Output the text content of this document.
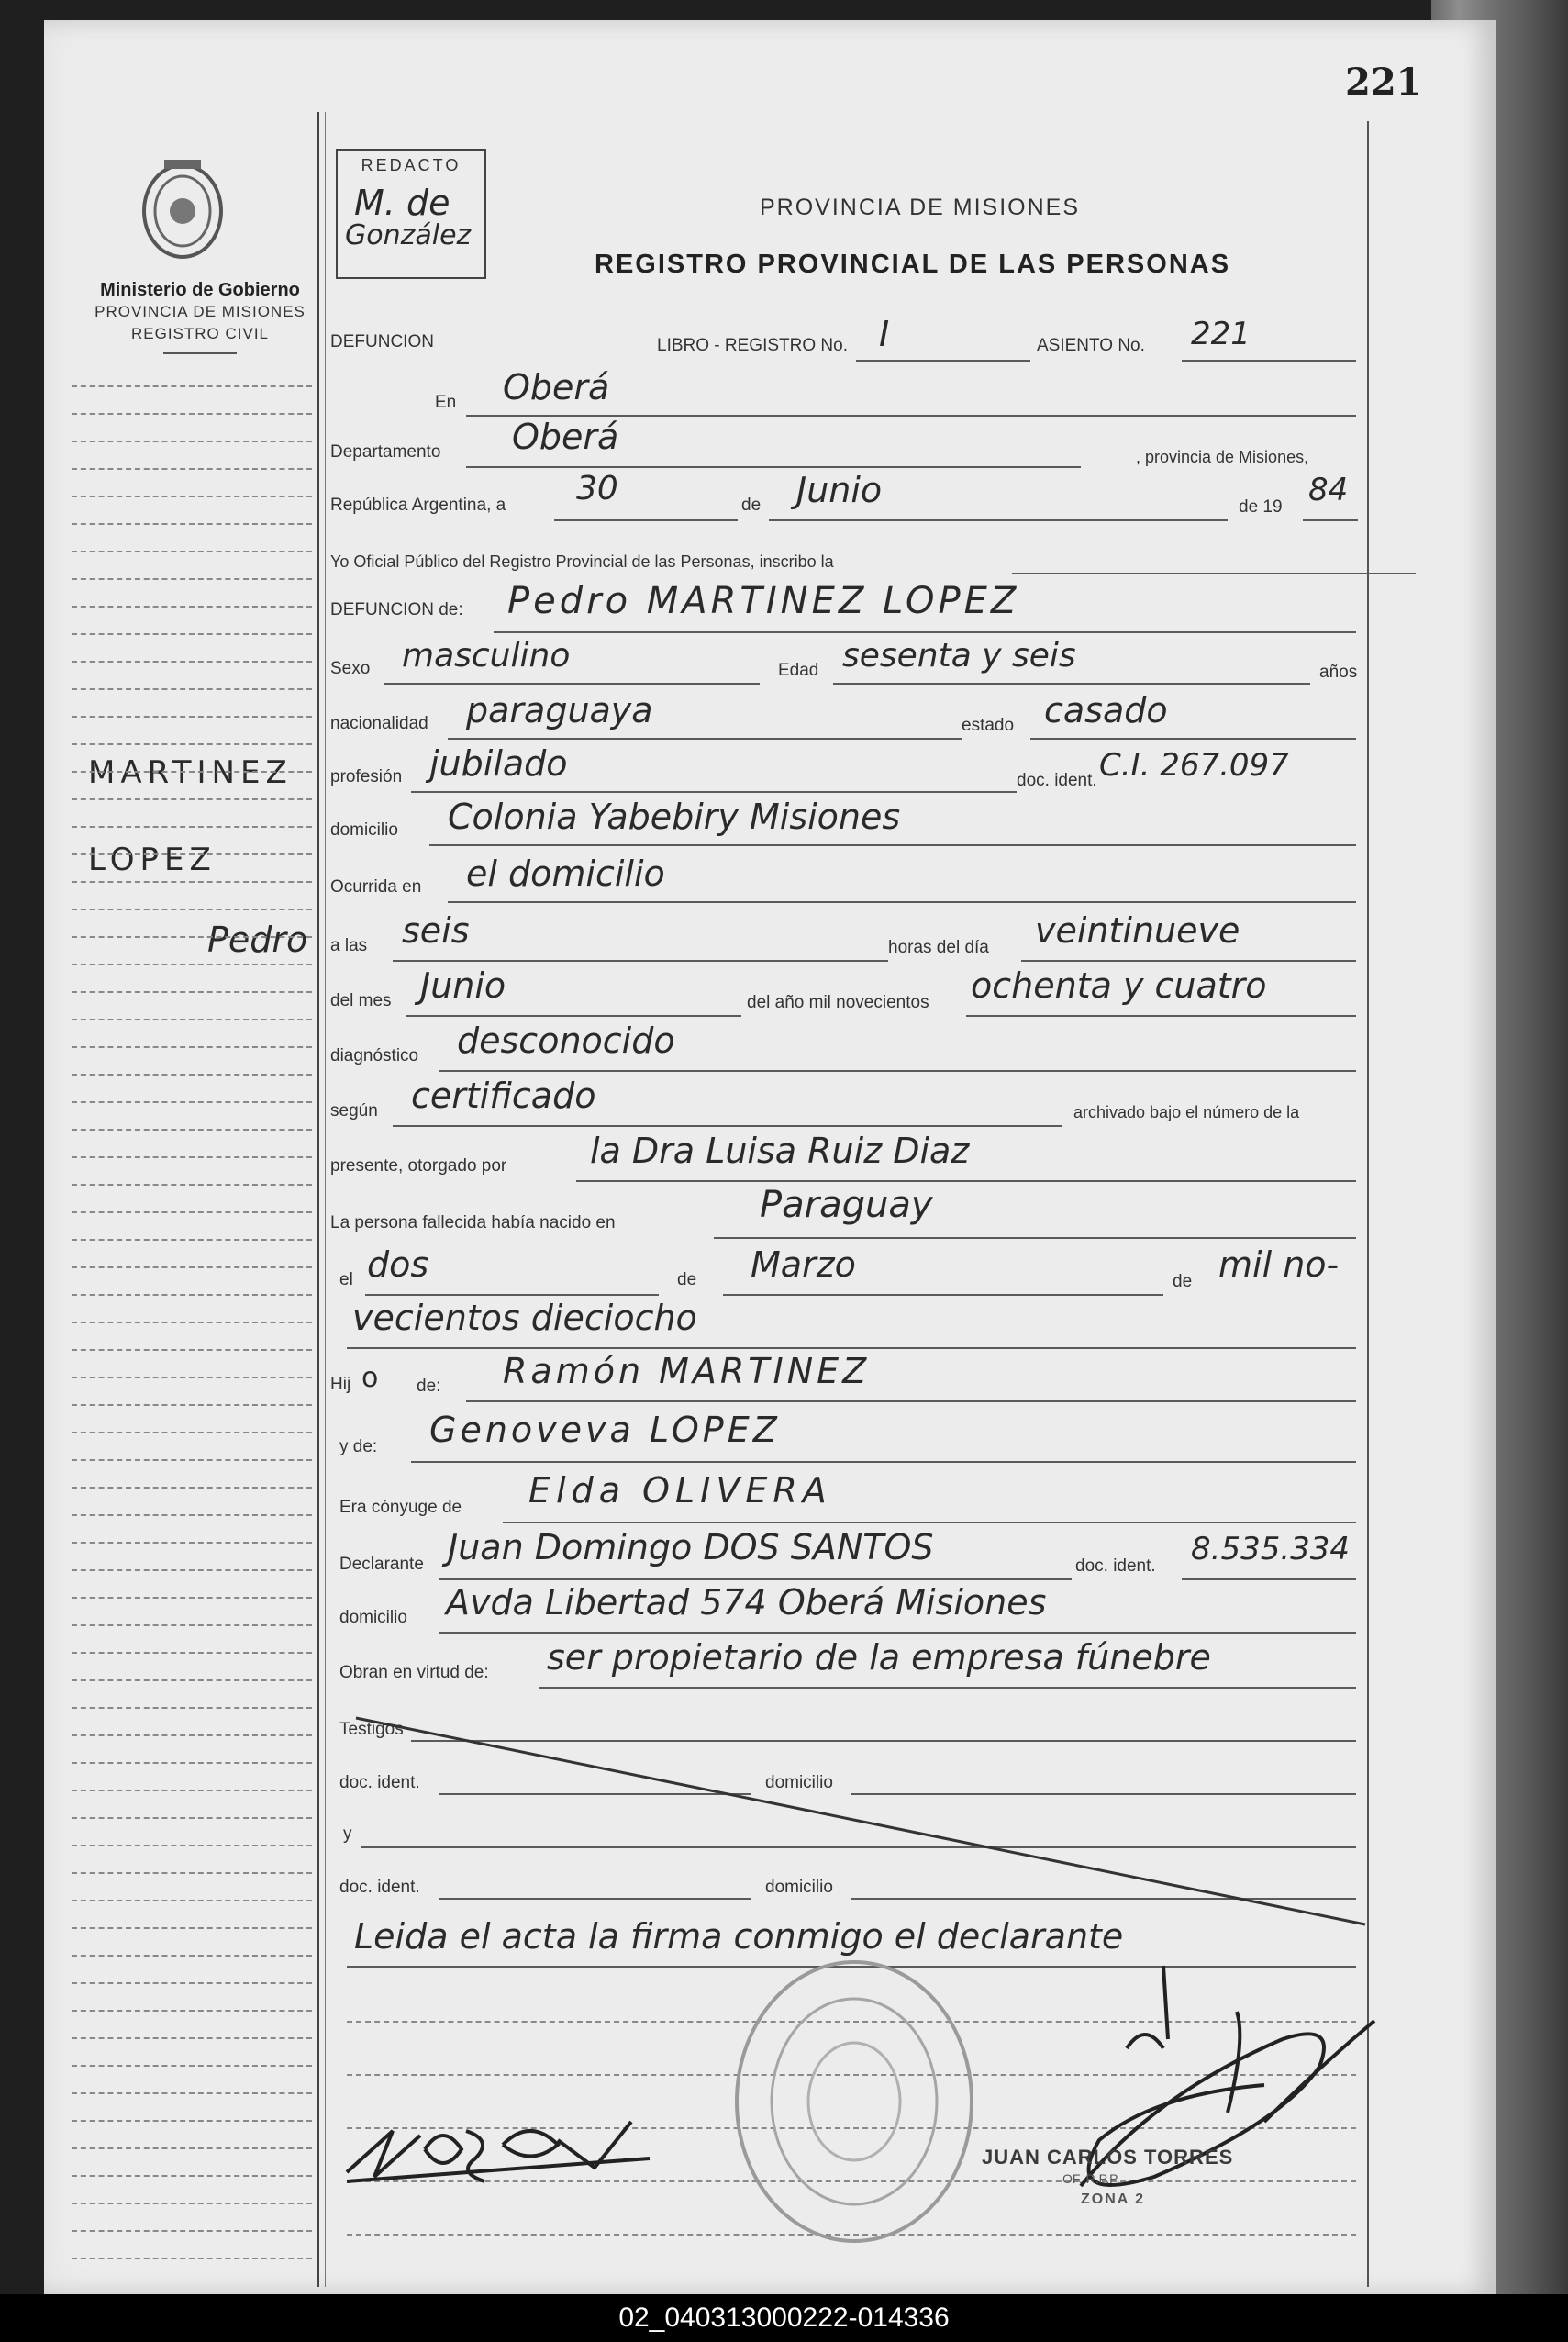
221
Ministerio de Gobierno
PROVINCIA DE MISIONES
REGISTRO CIVIL
REDACTO
M. de
González
PROVINCIA DE MISIONES
REGISTRO PROVINCIAL DE LAS PERSONAS
MARTINEZ
LOPEZ
Pedro
DEFUNCION	LIBRO - REGISTRO No. I	ASIENTO No. 221
En Oberá
Departamento Oberá	, provincia de Misiones,
República Argentina, a 30	de Junio	de 19 84
Yo Oficial Público del Registro Provincial de las Personas, inscribo la
DEFUNCION de: Pedro MARTINEZ LOPEZ
Sexo masculino	Edad sesenta y seis	años
nacionalidad paraguaya	estado casado
profesión jubilado	doc. ident. C.I. 267.097
domicilio Colonia Yabebiry Misiones
Ocurrida en el domicilio
a las seis	horas del día veintinueve
del mes Junio	del año mil novecientos ochenta y cuatro
diagnóstico desconocido
según certificado	archivado bajo el número de la
presente, otorgado por la Dra Luisa Ruiz Diaz
La persona fallecida había nacido en	Paraguay
el dos	de Marzo	de mil no-
vecientos dieciocho
Hij o de: Ramón MARTINEZ
y de: Genoveva LOPEZ
Era cónyuge de Elda OLIVERA
Declarante Juan Domingo DOS SANTOS	doc. ident. 8.535.334
domicilio Avda Libertad 574 Oberá Misiones
Obran en virtud de: ser propietario de la empresa fúnebre
Testigos
doc. ident.	domicilio
y
doc. ident.	domicilio
Leida el acta la firma conmigo el declarante
JUAN CARLOS TORRES
OF. R.P.P.
ZONA 2
02_040313000222-014336
